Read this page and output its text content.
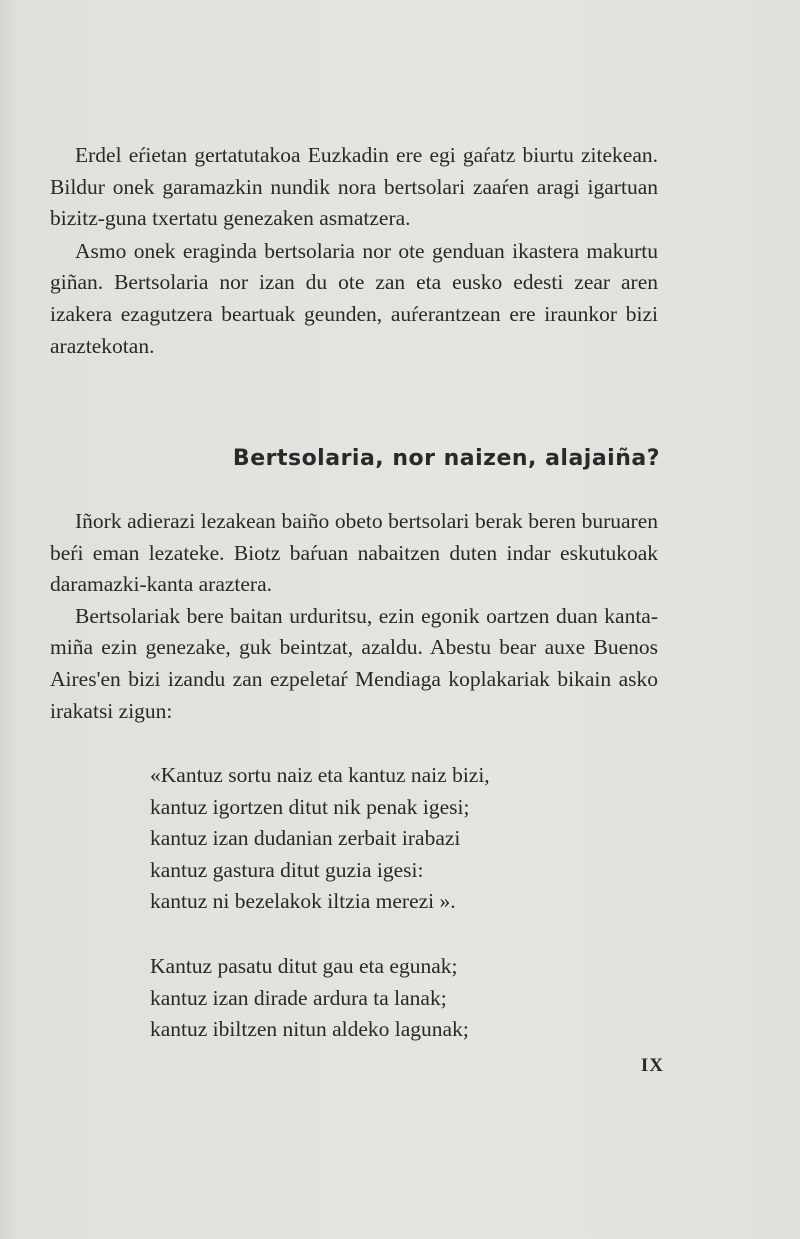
Erdel eŕietan gertatutakoa Euzkadin ere egi gaŕatz biurtu zitekean. Bildur onek garamazkin nundik nora bertsolari zaaŕen aragi igartuan bizitz-guna txertatu genezaken asmatzera.

Asmo onek eraginda bertsolaria nor ote genduan ikastera makurtu giñan. Bertsolaria nor izan du ote zan eta eusko edesti zear aren izakera ezagutzera beartuak geunden, auŕerantzean ere iraunkor bizi araztekotan.

Bertsolaria, nor naizen, alajaiña?

Iñork adierazi lezakean baiño obeto bertsolari berak beren buruaren beŕi eman lezateke. Biotz baŕuan nabaitzen duten indar eskutukoak daramazki-kanta araztera.

Bertsolariak bere baitan urduritsu, ezin egonik oartzen duan kanta-miña ezin genezake, guk beintzat, azaldu. Abestu bear auxe Buenos Aires'en bizi izandu zan ezpeletaŕ Mendiaga koplakariak bikain asko irakatsi zigun:

«Kantuz sortu naiz eta kantuz naiz bizi,
kantuz igortzen ditut nik penak igesi;
kantuz izan dudanian zerbait irabazi
kantuz gastura ditut guzia igesi:
kantuz ni bezelakok iltzia merezi ».
Kantuz pasatu ditut gau eta egunak;
kantuz izan dirade ardura ta lanak;
kantuz ibiltzen nitun aldeko lagunak;
IX
